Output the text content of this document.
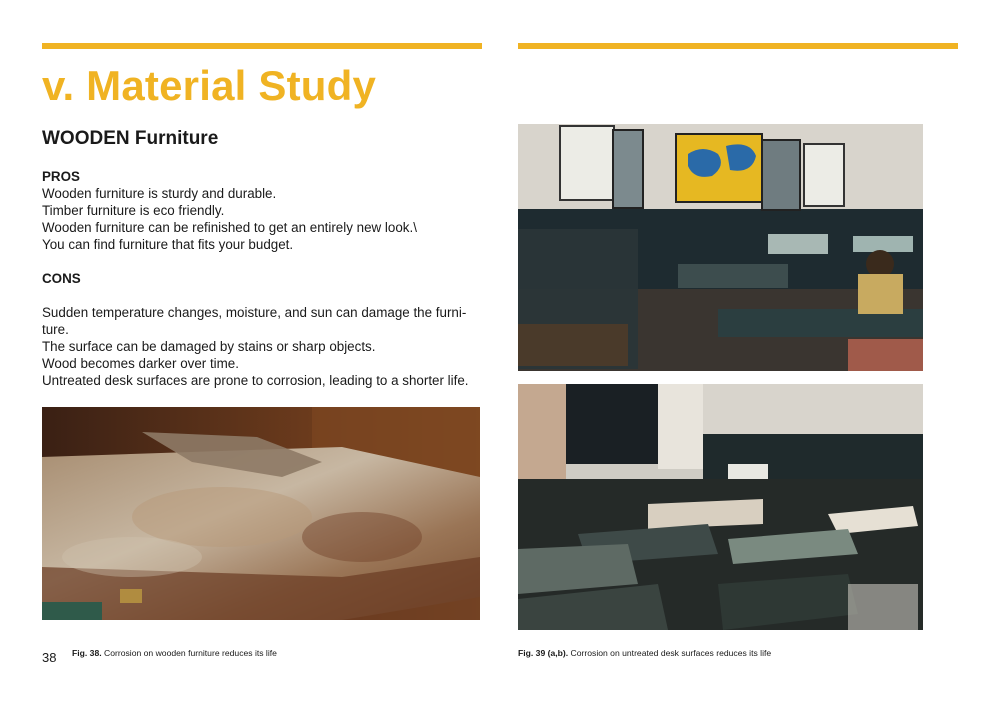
v. Material Study
WOODEN Furniture
PROS
Wooden furniture is sturdy and durable.
Timber furniture is eco friendly.
Wooden furniture can be refinished to get an entirely new look.\
You can find furniture that fits your budget.
CONS
Sudden temperature changes, moisture, and sun can damage the furni-
ture.
The surface can be damaged by stains or sharp objects.
Wood becomes darker over time.
Untreated desk surfaces are prone to corrosion, leading to a shorter life.
38 Fig. 38. Corrosion on wooden furniture reduces its life	Fig. 39 (a,b). Corrosion on untreated desk surfaces reduces its life
